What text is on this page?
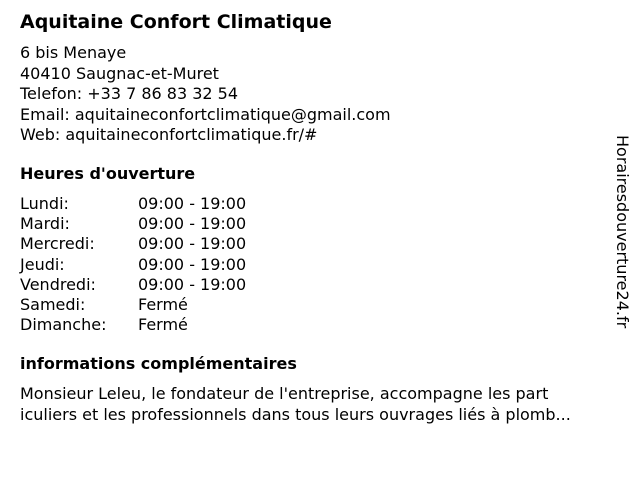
Aquitaine Confort Climatique
6 bis Menaye
40410 Saugnac-et-Muret
Telefon: +33 7 86 83 32 54
Email: aquitaineconfortclimatique@gmail.com
Web: aquitaineconfortclimatique.fr/#
Heures d'ouverture
Lundi:	09:00 - 19:00
Mardi:	09:00 - 19:00
Mercredi:	09:00 - 19:00
Jeudi:	09:00 - 19:00
Vendredi:	09:00 - 19:00
Samedi:	Fermé
Dimanche:	Fermé
informations complémentaires
Monsieur Leleu, le fondateur de l'entreprise, accompagne les part
iculiers et les professionnels dans tous leurs ouvrages liés à plomb...
Horairesdouverture24.fr
